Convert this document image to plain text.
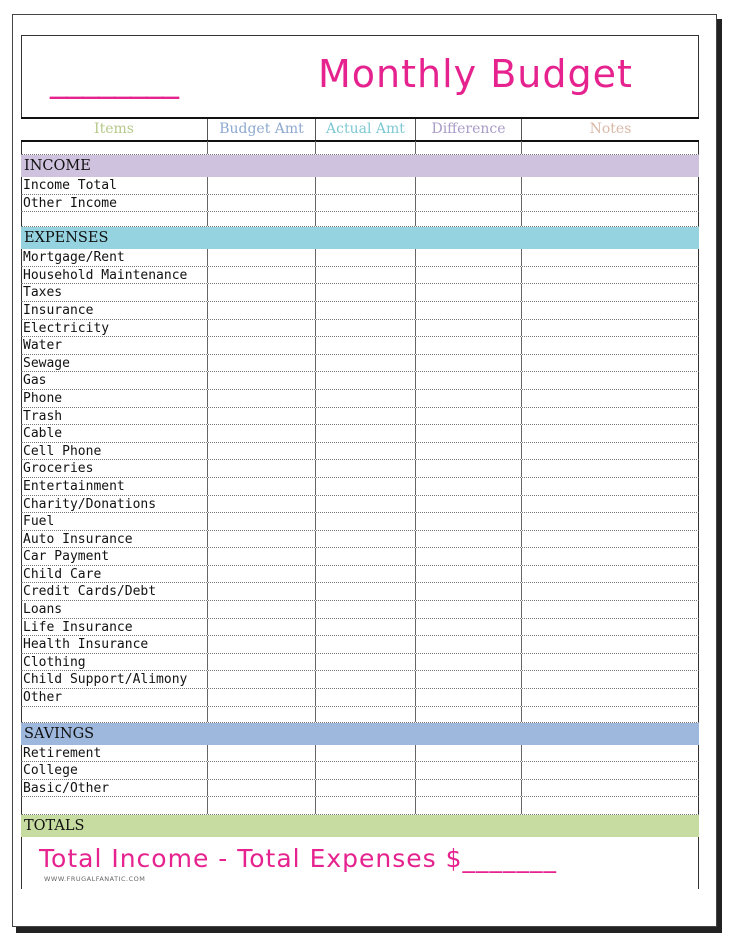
________	Monthly Budget
Items	Budget Amt	Actual Amt	Difference	Notes
INCOME
Income Total
Other Income
EXPENSES
Mortgage/Rent
Household Maintenance
Taxes
Insurance
Electricity
Water
Sewage
Gas
Phone
Trash
Cable
Cell Phone
Groceries
Entertainment
Charity/Donations
Fuel
Auto Insurance
Car Payment
Child Care
Credit Cards/Debt
Loans
Life Insurance
Health Insurance
Clothing
Child Support/Alimony
Other
SAVINGS
Retirement
College
Basic/Other
TOTALS
Total Income - Total Expenses $_______
WWW.FRUGALFANATIC.COM
